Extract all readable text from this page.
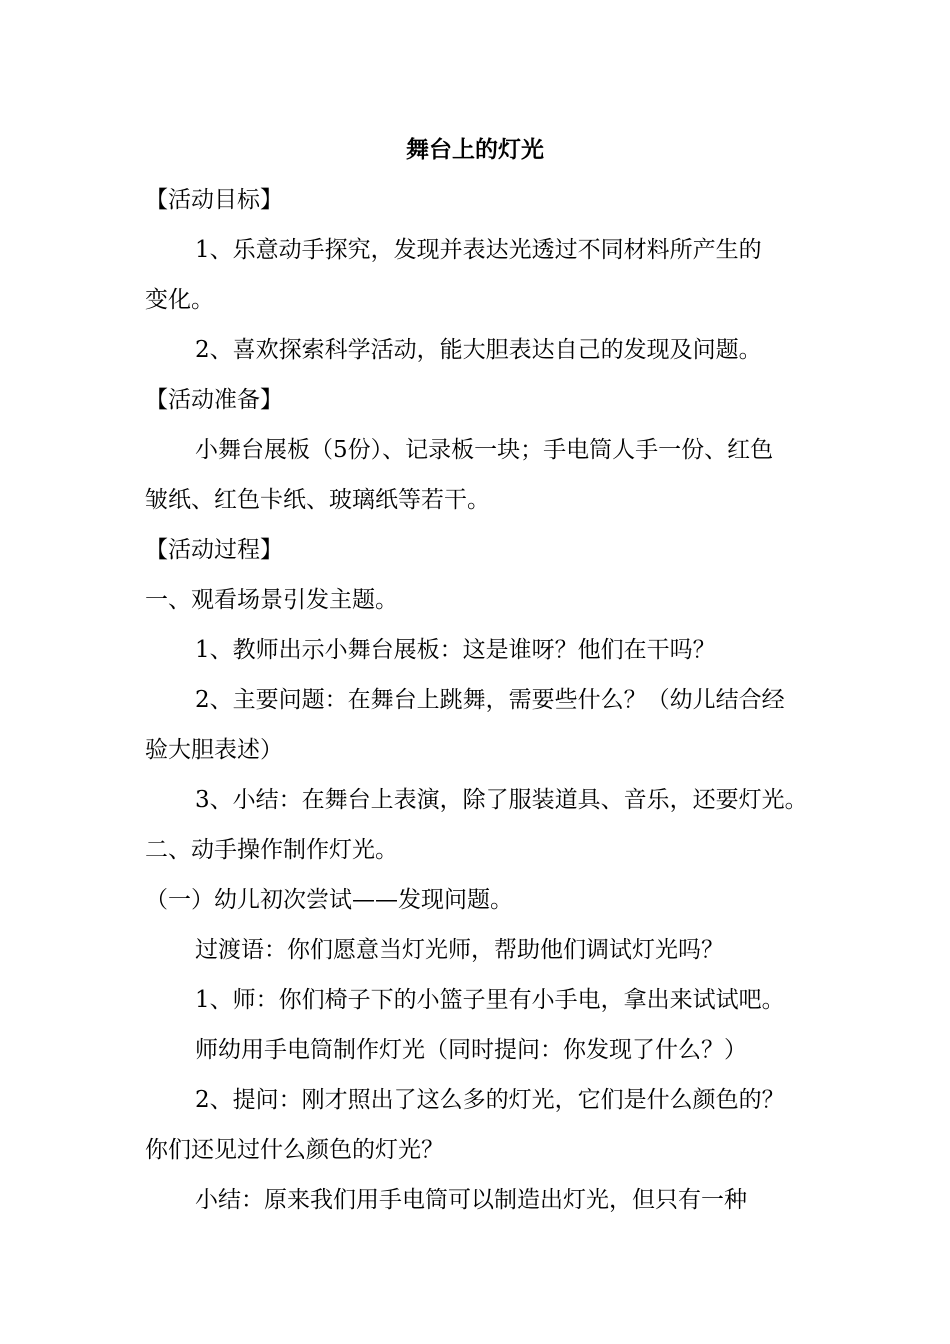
舞台上的灯光
【活动目标】
1、乐意动手探究，发现并表达光透过不同材料所产生的
变化。
2、喜欢探索科学活动，能大胆表达自己的发现及问题。
【活动准备】
小舞台展板（5份）、记录板一块；手电筒人手一份、红色
皱纸、红色卡纸、玻璃纸等若干。
【活动过程】
一、观看场景引发主题。
1、教师出示小舞台展板：这是谁呀？他们在干吗？
2、主要问题：在舞台上跳舞，需要些什么？（幼儿结合经
验大胆表述）
3、小结：在舞台上表演，除了服装道具、音乐，还要灯光。
二、动手操作制作灯光。
（一）幼儿初次尝试——发现问题。
过渡语：你们愿意当灯光师，帮助他们调试灯光吗？
1、师：你们椅子下的小篮子里有小手电，拿出来试试吧。
师幼用手电筒制作灯光（同时提问：你发现了什么？）
2、提问：刚才照出了这么多的灯光，它们是什么颜色的？
你们还见过什么颜色的灯光？
小结：原来我们用手电筒可以制造出灯光，但只有一种
